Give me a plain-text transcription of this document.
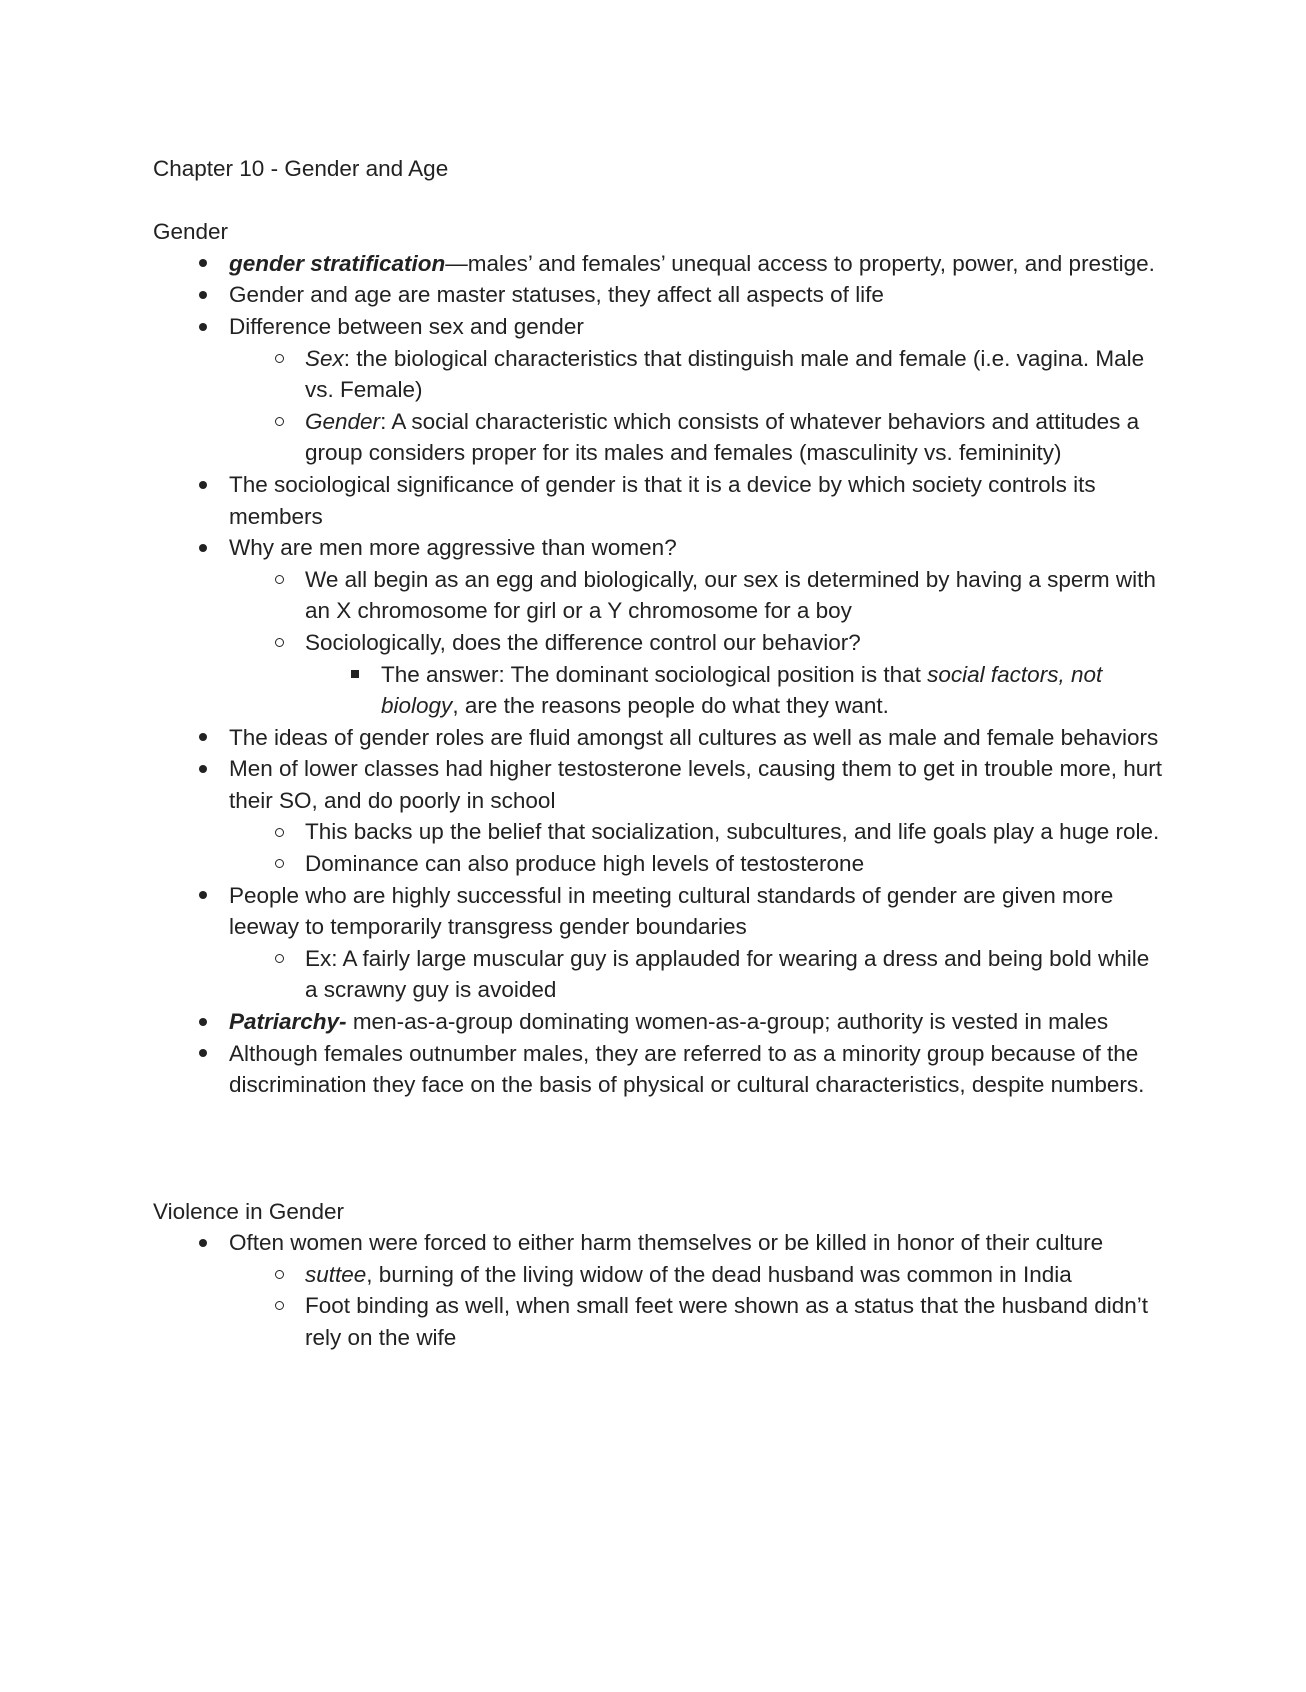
Chapter 10 - Gender and Age

Gender

gender stratification—males’ and females’ unequal access to property, power, and prestige.
Gender and age are master statuses, they affect all aspects of life
Difference between sex and gender
Sex: the biological characteristics that distinguish male and female (i.e. vagina. Male vs. Female)
Gender: A social characteristic which consists of whatever behaviors and attitudes a group considers proper for its males and females (masculinity vs. femininity)
The sociological significance of gender is that it is a device by which society controls its members
Why are men more aggressive than women?
We all begin as an egg and biologically, our sex is determined by having a sperm with an X chromosome for girl or a Y chromosome for a boy
Sociologically, does the difference control our behavior?
The answer: The dominant sociological position is that social factors, not biology, are the reasons people do what they want.
The ideas of gender roles are fluid amongst all cultures as well as male and female behaviors
Men of lower classes had higher testosterone levels, causing them to get in trouble more, hurt their SO, and do poorly in school
This backs up the belief that socialization, subcultures, and life goals play a huge role.
Dominance can also produce high levels of testosterone
People who are highly successful in meeting cultural standards of gender are given more leeway to temporarily transgress gender boundaries
Ex: A fairly large muscular guy is applauded for wearing a dress and being bold while a scrawny guy is avoided
Patriarchy- men-as-a-group dominating women-as-a-group; authority is vested in males
Although females outnumber males, they are referred to as a minority group because of the discrimination they face on the basis of physical or cultural characteristics, despite numbers.

Violence in Gender

Often women were forced to either harm themselves or be killed in honor of their culture
suttee, burning of the living widow of the dead husband was common in India
Foot binding as well, when small feet were shown as a status that the husband didn’t rely on the wife
